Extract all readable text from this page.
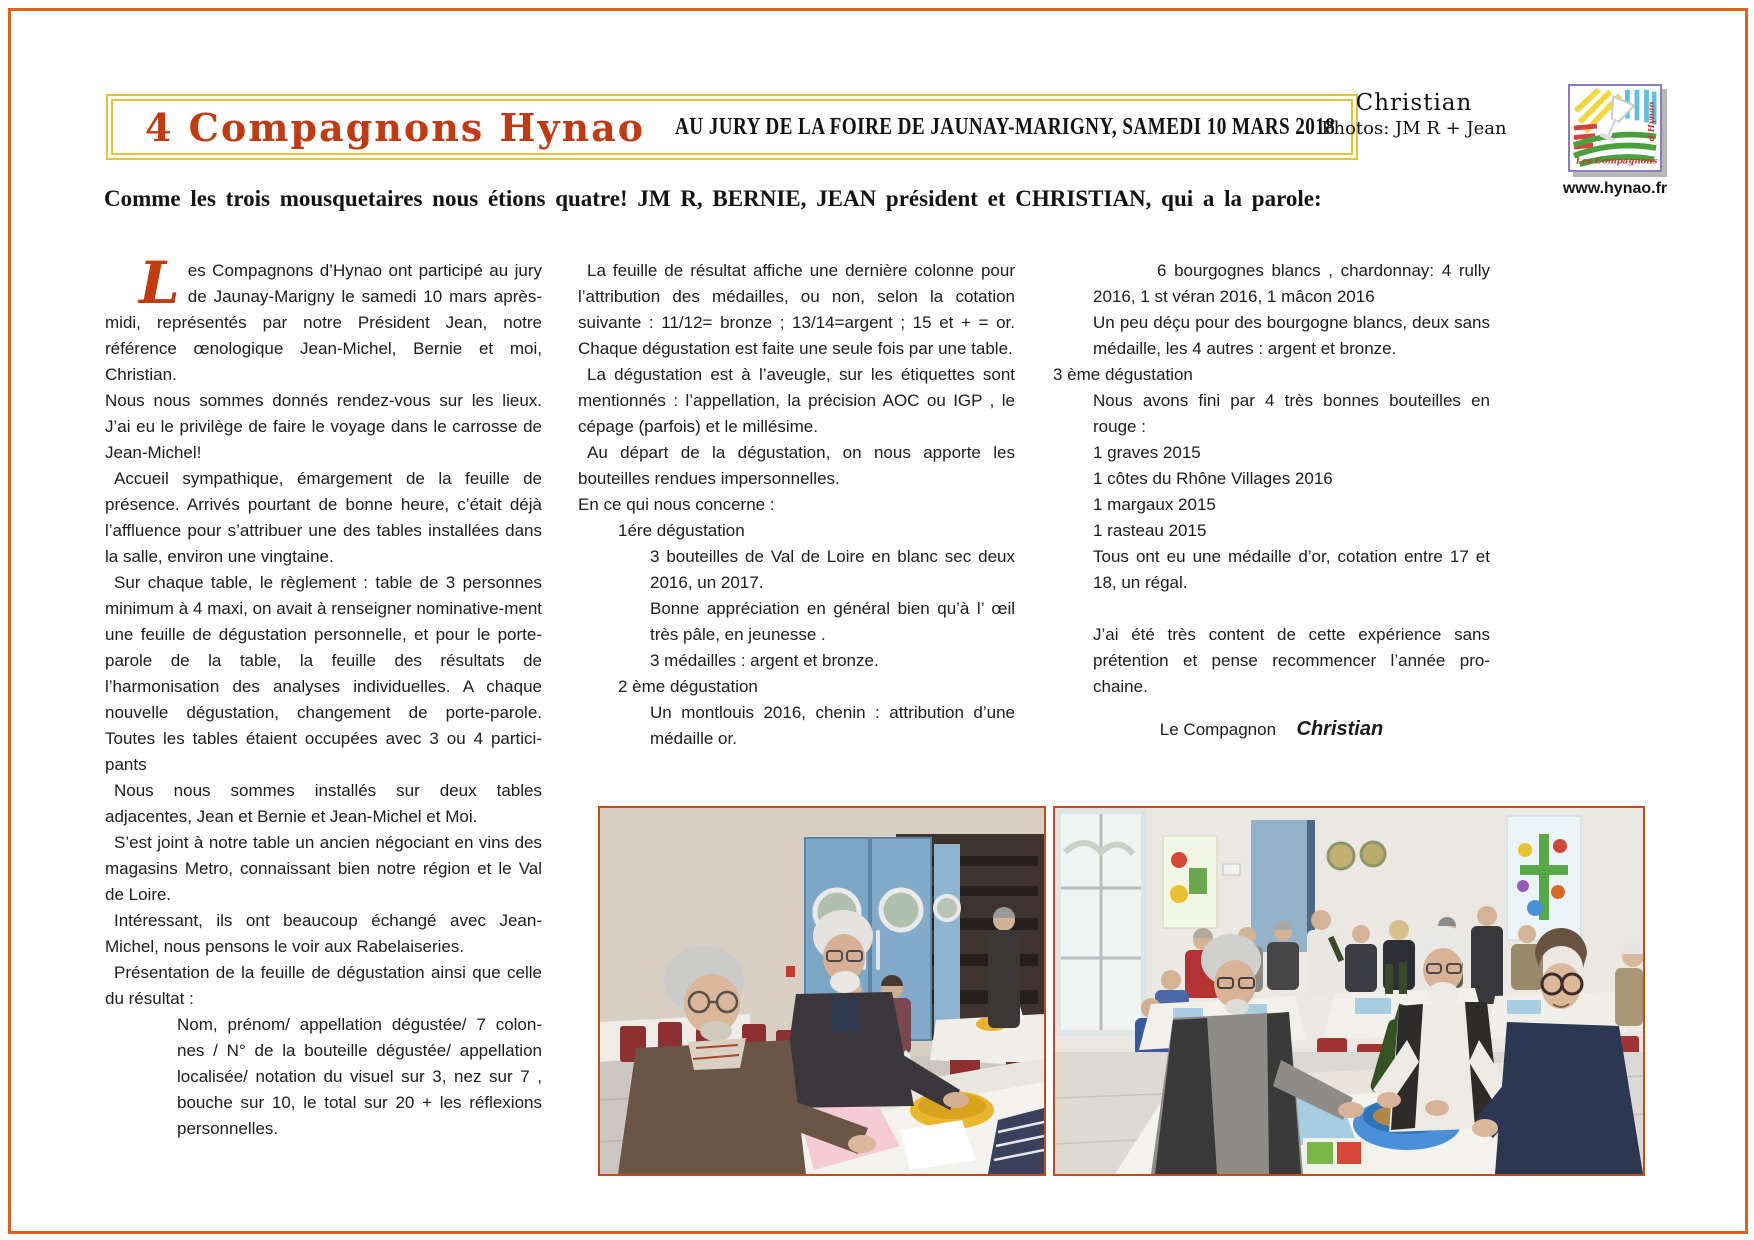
4 Compagnons Hynao AU JURY DE LA FOIRE DE JAUNAY-MARIGNY, SAMEDI 10 MARS 2018
Christian
Photos: JM R + Jean
Les Compagnons
d’Hynao
www.hynao.fr
Comme les trois mousquetaires nous étions quatre! JM R, BERNIE, JEAN président et CHRISTIAN, qui a la parole:

Les Compagnons d’Hynao ont participé au jury de Jaunay-Marigny le samedi 10 mars après-midi, représentés par notre Président Jean, notre référence œnologique Jean-Michel, Bernie et moi, Christian.

Nous nous sommes donnés rendez-vous sur les lieux. J’ai eu le privilège de faire le voyage dans le carrosse de Jean-Michel!

Accueil sympathique, émargement de la feuille de présence. Arrivés pourtant de bonne heure, c’était déjà l’affluence pour s’attribuer une des tables installées dans la salle, environ une vingtaine.

Sur chaque table, le règlement : table de 3 personnes minimum à 4 maxi, on avait à renseigner nominative-ment une feuille de dégustation personnelle, et pour le porte-parole de la table, la feuille des résultats de l’harmonisation des analyses individuelles. A chaque nouvelle dégustation, changement de porte-parole. Toutes les tables étaient occupées avec 3 ou 4 partici-pants

Nous nous sommes installés sur deux tables adjacentes, Jean et Bernie et Jean-Michel et Moi.

S’est joint à notre table un ancien négociant en vins des magasins Metro, connaissant bien notre région et le Val de Loire.

Intéressant, ils ont beaucoup échangé avec Jean-Michel, nous pensons le voir aux Rabelaiseries.

Présentation de la feuille de dégustation ainsi que celle du résultat :

Nom, prénom/ appellation dégustée/ 7 colon-nes / N° de la bouteille dégustée/ appellation localisée/ notation du visuel sur 3, nez sur 7 , bouche sur 10, le total sur 20 + les réflexions personnelles.

La feuille de résultat affiche une dernière colonne pour l’attribution des médailles, ou non, selon la cotation suivante : 11/12= bronze ; 13/14=argent ; 15 et + = or. Chaque dégustation est faite une seule fois par une table.

La dégustation est à l’aveugle, sur les étiquettes sont mentionnés : l’appellation, la précision AOC ou IGP , le cépage (parfois) et le millésime.

Au départ de la dégustation, on nous apporte les bouteilles rendues impersonnelles.

En ce qui nous concerne :

1ére dégustation

3 bouteilles de Val de Loire en blanc sec deux 2016, un 2017.

Bonne appréciation en général bien qu’à l’ œil très pâle, en jeunesse .

3 médailles : argent et bronze.

2 ème dégustation

Un montlouis 2016, chenin : attribution d’une médaille or.

6 bourgognes blancs , chardonnay: 4 rully 2016, 1 st véran 2016, 1 mâcon 2016

Un peu déçu pour des bourgogne blancs, deux sans médaille, les 4 autres : argent et bronze.

3 ème dégustation

Nous avons fini par 4 très bonnes bouteilles en rouge :

1 graves 2015

1 côtes du Rhône Villages 2016

1 margaux 2015

1 rasteau 2015

Tous ont eu une médaille d’or, cotation entre 17 et 18, un régal.

J’ai été très content de cette expérience sans prétention et pense recommencer l’année pro-chaine.

Le Compagnon Christian
